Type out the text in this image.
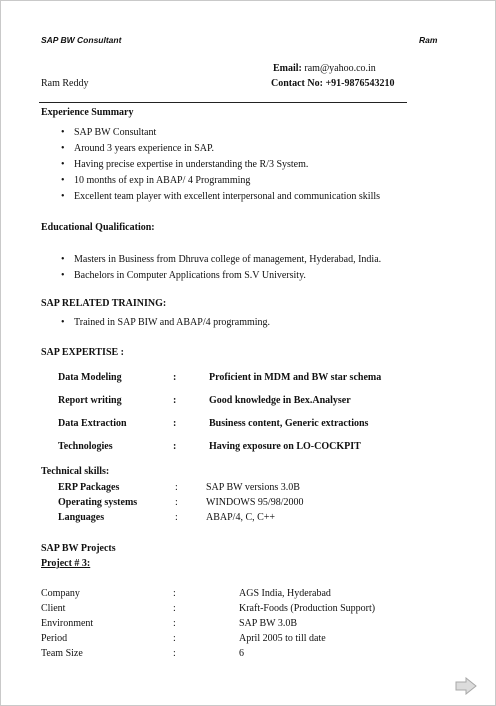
SAP BW Consultant	Ram
Email: ram@yahoo.co.in
Ram Reddy	Contact No: +91-9876543210
Experience Summary
• SAP BW Consultant
• Around 3 years experience in SAP.
• Having precise expertise in understanding the R/3 System.
• 10 months of exp in ABAP/ 4 Programming
• Excellent team player with excellent interpersonal and communication skills
Educational Qualification:
• Masters in Business from Dhruva college of management, Hyderabad, India.
• Bachelors in Computer Applications from S.V University.
SAP RELATED TRAINING:
• Trained in SAP BIW and ABAP/4 programming.
SAP EXPERTISE :
Data Modeling	:	Proficient in MDM and BW star schema
Report writing	:	Good knowledge in Bex.Analyser
Data Extraction	:	Business content, Generic extractions
Technologies	:	Having exposure on LO-COCKPIT
Technical skills:
ERP Packages	:	SAP BW versions 3.0B
Operating systems	:	WINDOWS 95/98/2000
Languages	:	ABAP/4, C, C++
SAP BW Projects
Project # 3:
Company	:	AGS India, Hyderabad
Client	:	Kraft-Foods (Production Support)
Environment	:	SAP BW 3.0B
Period	:	April 2005 to till date
Team Size	:	6
